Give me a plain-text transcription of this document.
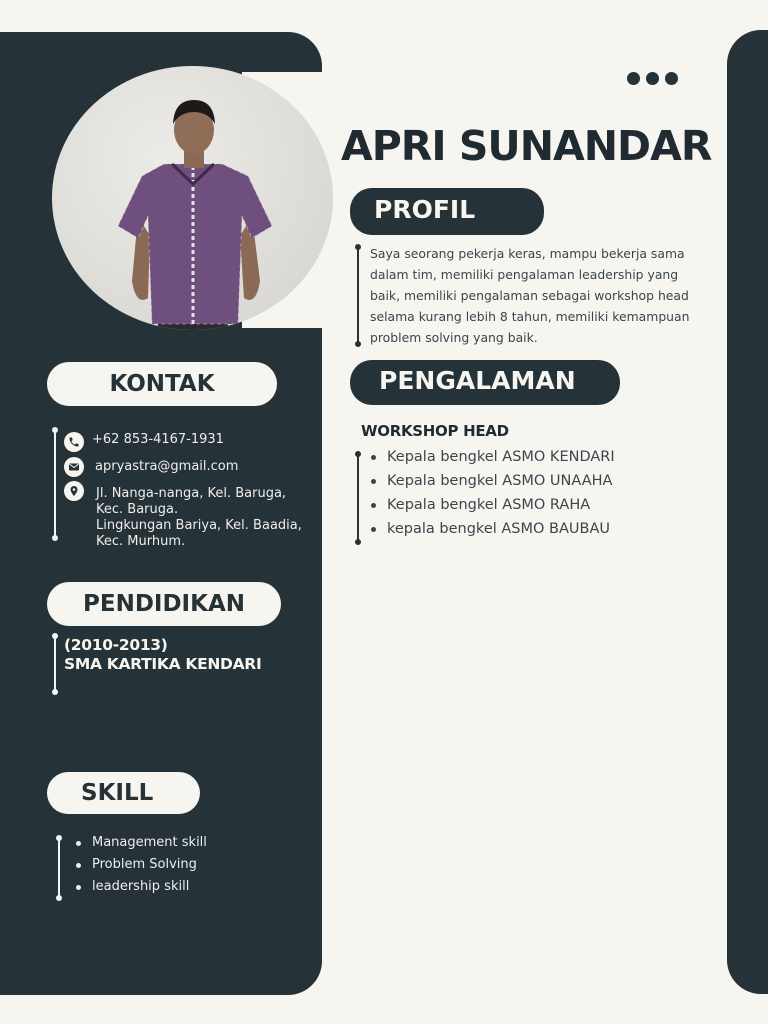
APRI SUNANDAR
PROFIL

Saya seorang pekerja keras, mampu bekerja sama dalam tim, memiliki pengalaman leadership yang baik, memiliki pengalaman sebagai workshop head selama kurang lebih 8 tahun, memiliki kemampuan problem solving yang baik.

PENGALAMAN
WORKSHOP HEAD
Kepala bengkel ASMO KENDARI
Kepala bengkel ASMO UNAAHA
Kepala bengkel ASMO RAHA
kepala bengkel ASMO BAUBAU
KONTAK
+62 853-4167-1931
apryastra@gmail.com
Jl. Nanga-nanga, Kel. Baruga,
Kec. Baruga.
Lingkungan Bariya, Kel. Baadia,
Kec. Murhum.
PENDIDIKAN
(2010-2013)
SMA KARTIKA KENDARI
SKILL
Management skill
Problem Solving
leadership skill
